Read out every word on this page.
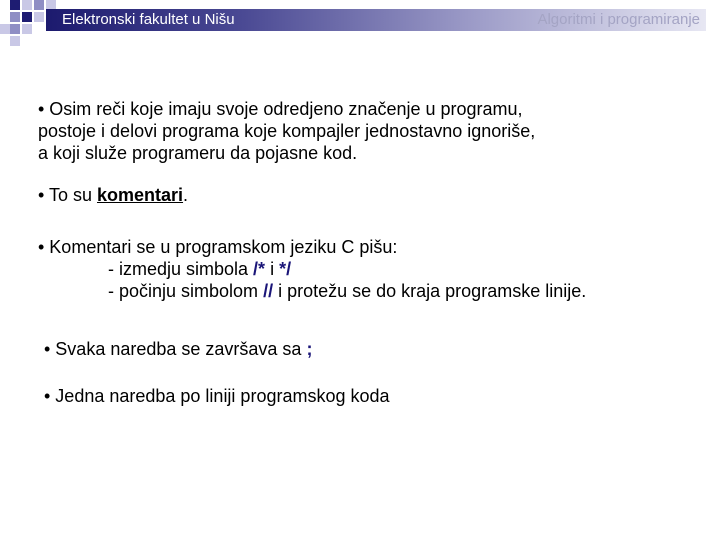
Elektronski fakultet u Nišu	Algoritmi i programiranje
• Osim reči koje imaju svoje odredjeno značenje u programu,
postoje i delovi programa koje kompajler jednostavno ignoriše,
a koji služe programeru da pojasne kod.
• To su komentari.
• Komentari se u programskom jeziku C pišu:
- izmedju simbola /* i */
- počinju simbolom // i protežu se do kraja programske linije.
• Svaka naredba se završava sa ;
• Jedna naredba po liniji programskog koda
